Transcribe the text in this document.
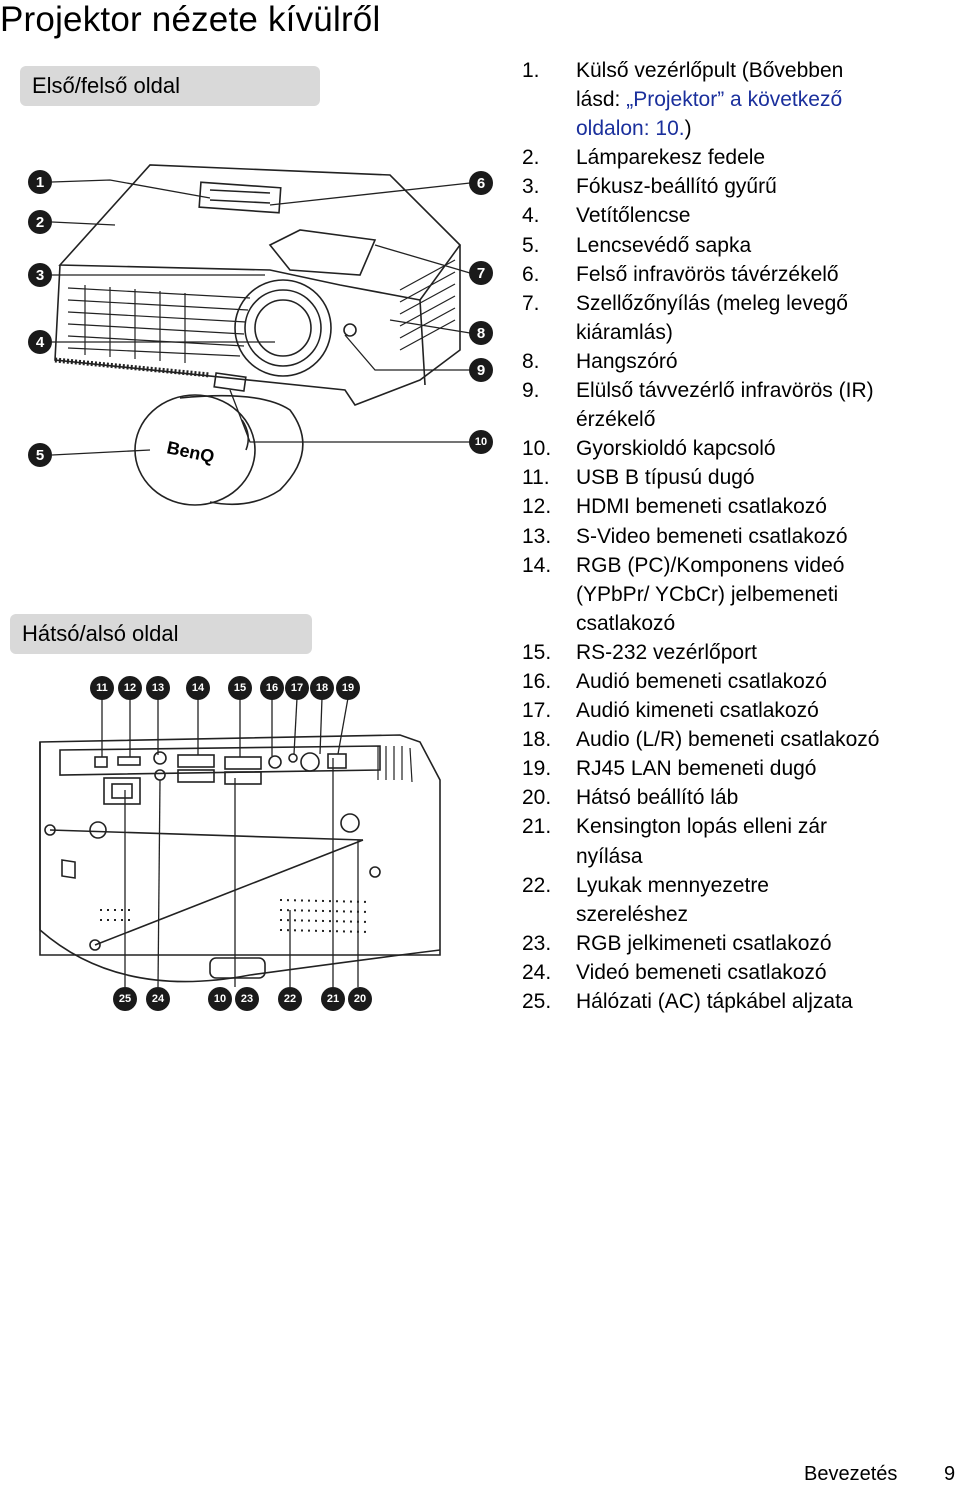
Projektor nézete kívülről
Első/felső oldal
Hátsó/alsó oldal
BenQ
1
2
3
4
5
6
7
8
9
10
11	12	13	14	15	16	17	18	19
25	24	10	23	22	21	20
1.	Külső vezérlőpult (Bővebben
lásd: „Projektor” a következő
oldalon: 10.)
2.	Lámparekesz fedele
3.	Fókusz-beállító gyűrű
4.	Vetítőlencse
5.	Lencsevédő sapka
6.	Felső infravörös távérzékelő
7.	Szellőzőnyílás (meleg levegő
kiáramlás)
8.	Hangszóró
9.	Elülső távvezérlő infravörös (IR)
érzékelő
10.	Gyorskioldó kapcsoló
11.	USB B típusú dugó
12.	HDMI bemeneti csatlakozó
13.	S-Video bemeneti csatlakozó
14.	RGB (PC)/Komponens videó
(YPbPr/ YCbCr) jelbemeneti
csatlakozó
15.	RS-232 vezérlőport
16.	Audió bemeneti csatlakozó
17.	Audió kimeneti csatlakozó
18.	Audio (L/R) bemeneti csatlakozó
19.	RJ45 LAN bemeneti dugó
20.	Hátsó beállító láb
21.	Kensington lopás elleni zár
nyílása
22.	Lyukak mennyezetre
szereléshez
23.	RGB jelkimeneti csatlakozó
24.	Videó bemeneti csatlakozó
25.	Hálózati (AC) tápkábel aljzata
Bevezetés 9
